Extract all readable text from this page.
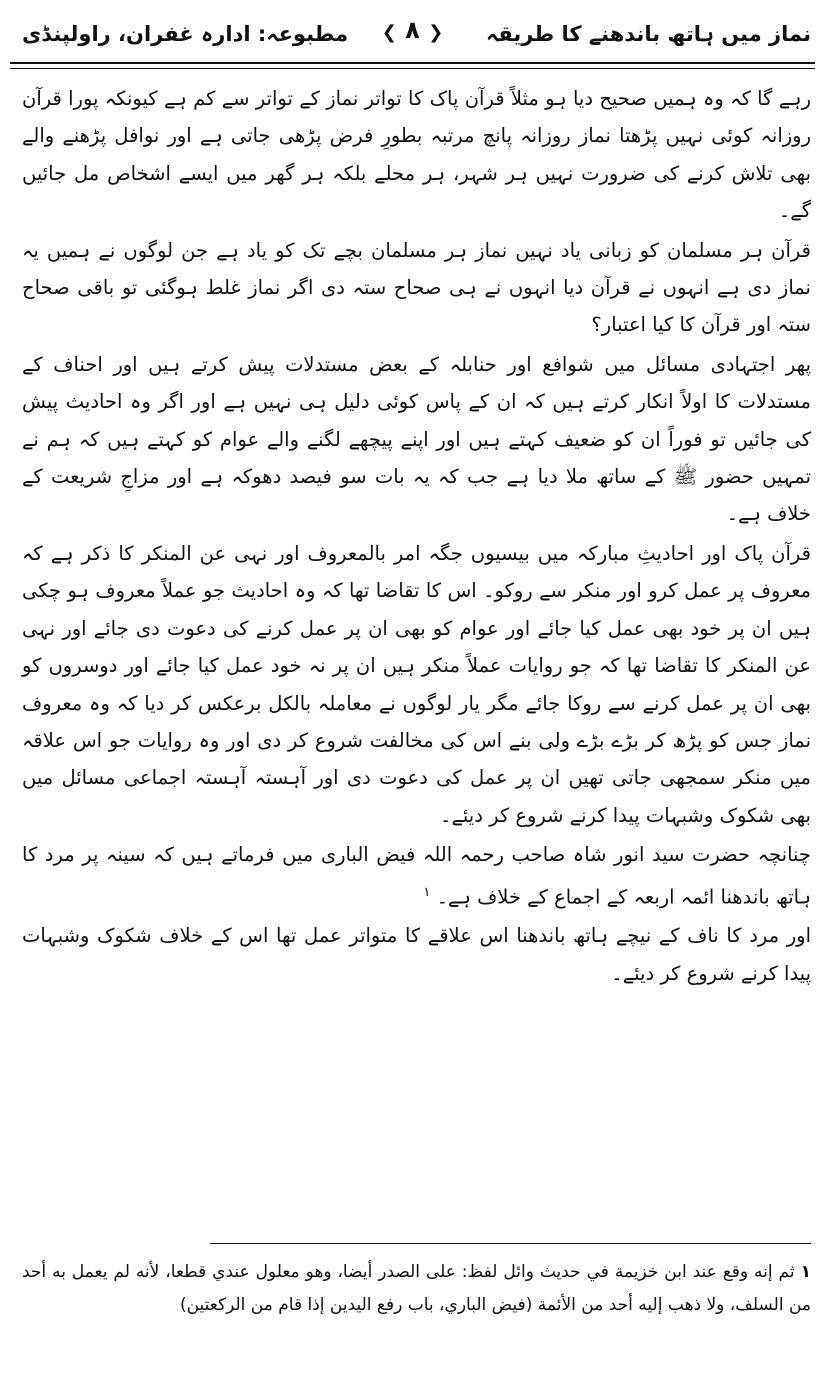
نماز میں ہاتھ باندھنے کا طریقہ
❮ ۸ ❯
مطبوعہ: ادارہ غفران، راولپنڈی

رہے گا کہ وہ ہمیں صحیح دیا ہو مثلاً قرآن پاک کا تواتر نماز کے تواتر سے کم ہے کیونکہ پورا قرآن روزانہ کوئی نہیں پڑھتا نماز روزانہ پانچ مرتبہ بطورِ فرض پڑھی جاتی ہے اور نوافل پڑھنے والے بھی تلاش کرنے کی ضرورت نہیں ہر شہر، ہر محلے بلکہ ہر گھر میں ایسے اشخاص مل جائیں گے۔

قرآن ہر مسلمان کو زبانی یاد نہیں نماز ہر مسلمان بچے تک کو یاد ہے جن لوگوں نے ہمیں یہ نماز دی ہے انہوں نے قرآن دیا انہوں نے ہی صحاح ستہ دی اگر نماز غلط ہوگئی تو باقی صحاح ستہ اور قرآن کا کیا اعتبار؟

پھر اجتہادی مسائل میں شوافع اور حنابلہ کے بعض مستدلات پیش کرتے ہیں اور احناف کے مستدلات کا اولاً انکار کرتے ہیں کہ ان کے پاس کوئی دلیل ہی نہیں ہے اور اگر وہ احادیث پیش کی جائیں تو فوراً ان کو ضعیف کہتے ہیں اور اپنے پیچھے لگنے والے عوام کو کہتے ہیں کہ ہم نے تمہیں حضور ﷺ کے ساتھ ملا دیا ہے جب کہ یہ بات سو فیصد دھوکہ ہے اور مزاجِ شریعت کے خلاف ہے۔

قرآن پاک اور احادیثِ مبارکہ میں بیسیوں جگہ امر بالمعروف اور نہی عن المنکر کا ذکر ہے کہ معروف پر عمل کرو اور منکر سے روکو۔ اس کا تقاضا تھا کہ وہ احادیث جو عملاً معروف ہو چکی ہیں ان پر خود بھی عمل کیا جائے اور عوام کو بھی ان پر عمل کرنے کی دعوت دی جائے اور نہی عن المنکر کا تقاضا تھا کہ جو روایات عملاً منکر ہیں ان پر نہ خود عمل کیا جائے اور دوسروں کو بھی ان پر عمل کرنے سے روکا جائے مگر یار لوگوں نے معاملہ بالکل برعکس کر دیا کہ وہ معروف نماز جس کو پڑھ کر بڑے بڑے ولی بنے اس کی مخالفت شروع کر دی اور وہ روایات جو اس علاقہ میں منکر سمجھی جاتی تھیں ان پر عمل کی دعوت دی اور آہستہ آہستہ اجماعی مسائل میں بھی شکوک وشبہات پیدا کرنے شروع کر دیئے۔

چنانچہ حضرت سید انور شاہ صاحب رحمہ اللہ فیض الباری میں فرماتے ہیں کہ سینہ پر مرد کا ہاتھ باندھنا ائمہ اربعہ کے اجماع کے خلاف ہے۔ $^۱$

اور مرد کا ناف کے نیچے ہاتھ باندھنا اس علاقے کا متواتر عمل تھا اس کے خلاف شکوک وشبہات پیدا کرنے شروع کر دیئے۔

۱ثم إنه وقع عند ابن خزيمة في حديث وائل لفظ: على الصدر أيضا، وهو معلول عندي قطعا، لأنه لم يعمل به أحد من السلف، ولا ذهب إليه أحد من الأئمة (فيض الباري، باب رفع اليدين إذا قام من الركعتين)
